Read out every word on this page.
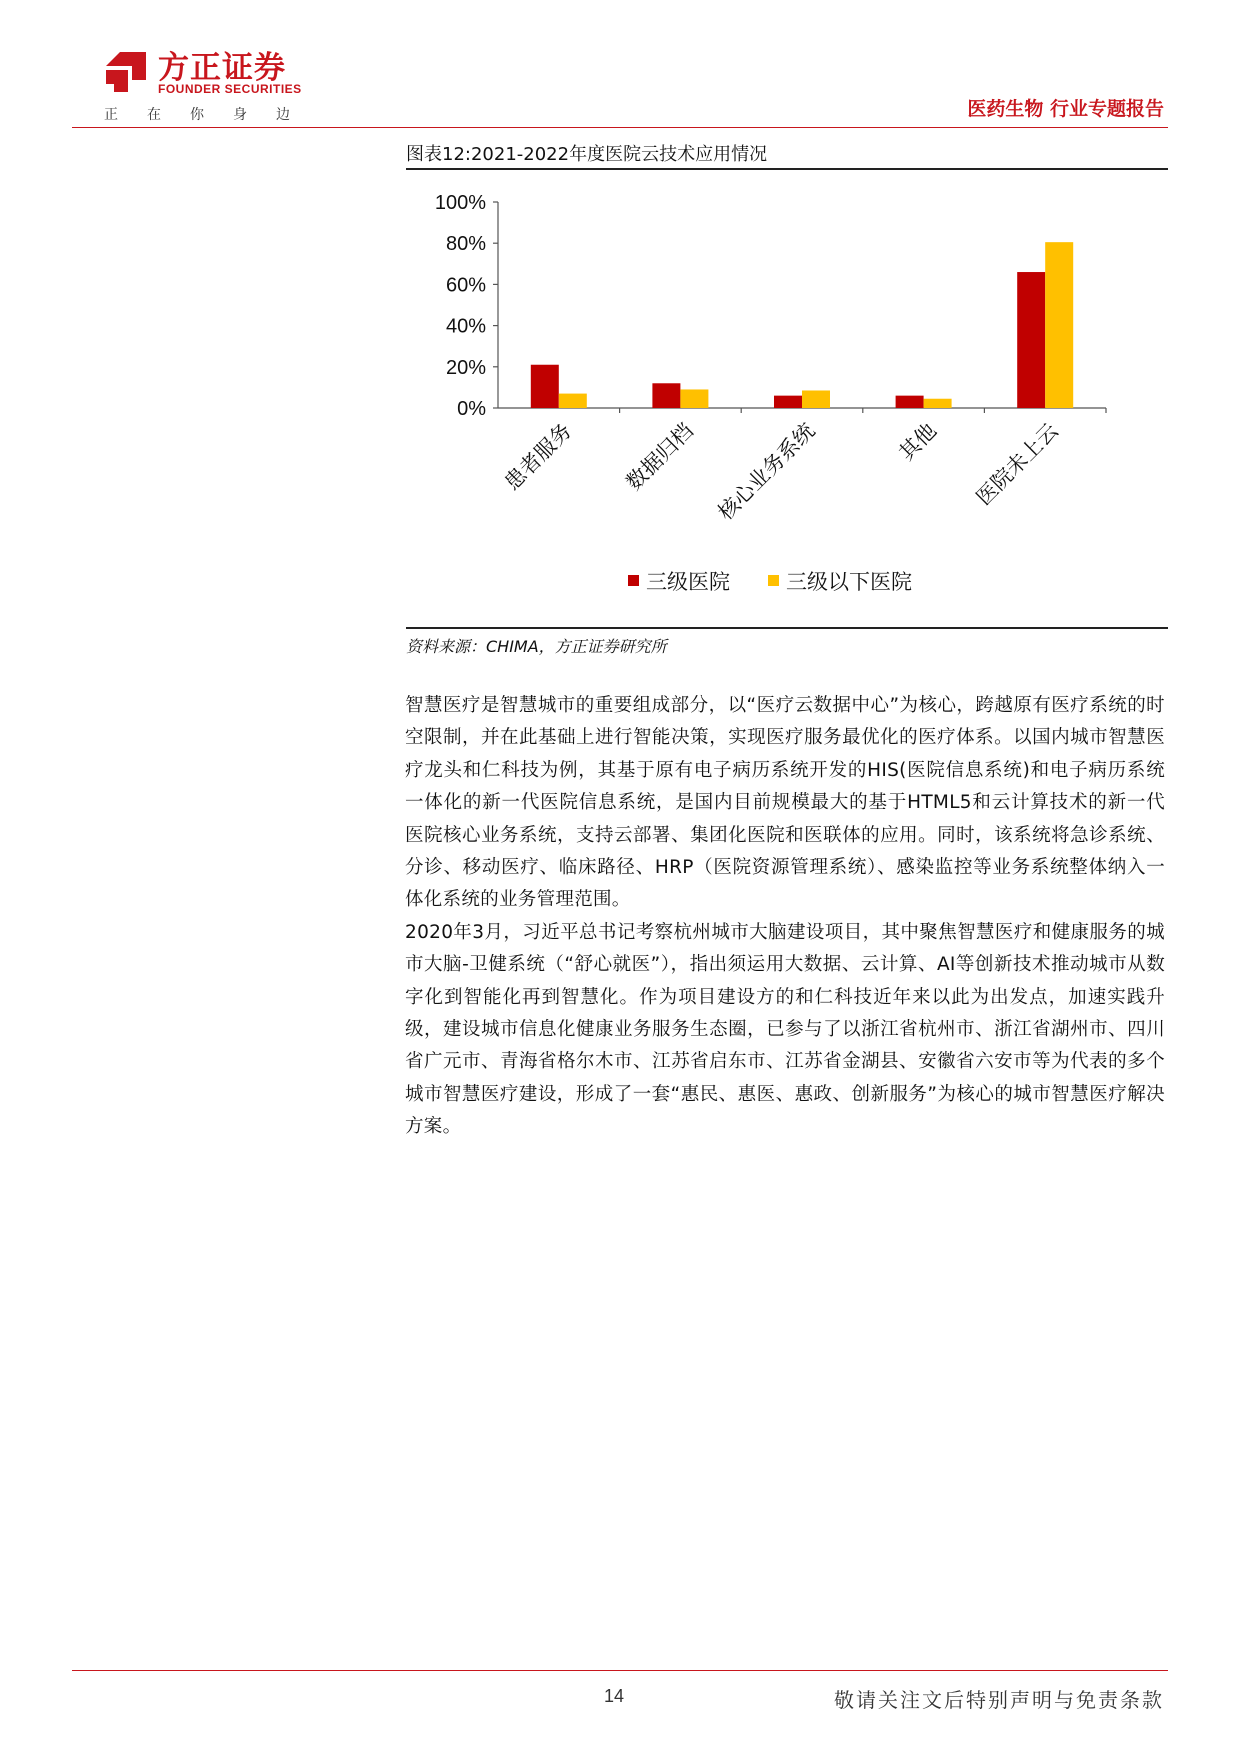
方正证券
FOUNDER SECURITIES
正在你身边	医药生物 行业专题报告
图表12:2021-2022年度医院云技术应用情况
0%
20%
40%
60%
80%
100%
患者服务 数据归档 核心业务系统	其他 医院未上云
三级医院	三级以下医院
资料来源：CHIMA，方正证券研究所

智慧医疗是智慧城市的重要组成部分，以“医疗云数据中心”为核心，跨越原有医疗系统的时空限制，并在此基础上进行智能决策，实现医疗服务最优化的医疗体系。以国内城市智慧医疗龙头和仁科技为例，其基于原有电子病历系统开发的HIS(医院信息系统)和电子病历系统一体化的新一代医院信息系统，是国内目前规模最大的基于HTML5和云计算技术的新一代医院核心业务系统，支持云部署、集团化医院和医联体的应用。同时，该系统将急诊系统、分诊、移动医疗、临床路径、HRP（医院资源管理系统）、感染监控等业务系统整体纳入一体化系统的业务管理范围。

2020年3月，习近平总书记考察杭州城市大脑建设项目，其中聚焦智慧医疗和健康服务的城市大脑-卫健系统（“舒心就医”），指出须运用大数据、云计算、AI等创新技术推动城市从数字化到智能化再到智慧化。作为项目建设方的和仁科技近年来以此为出发点，加速实践升级，建设城市信息化健康业务服务生态圈，已参与了以浙江省杭州市、浙江省湖州市、四川省广元市、青海省格尔木市、江苏省启东市、江苏省金湖县、安徽省六安市等为代表的多个城市智慧医疗建设，形成了一套“惠民、惠医、惠政、创新服务”为核心的城市智慧医疗解决方案。

14	敬请关注文后特别声明与免责条款
